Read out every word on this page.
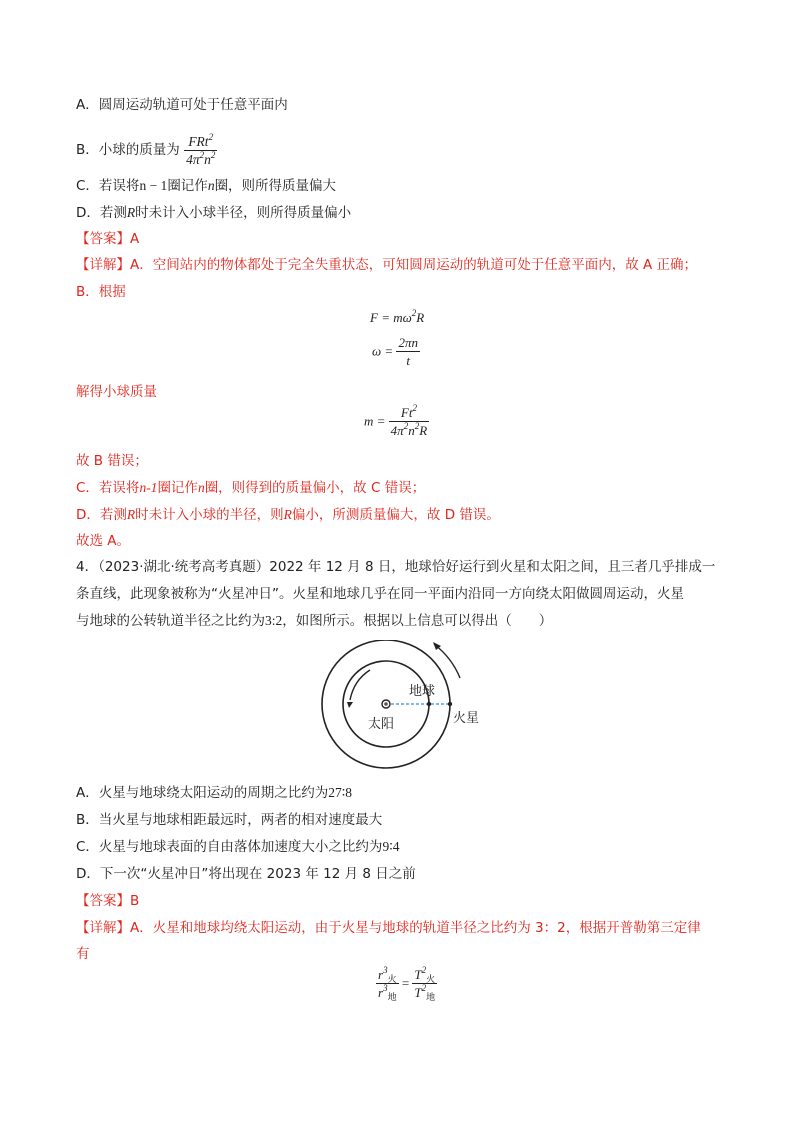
A．圆周运动轨道可处于任意平面内
B．小球的质量为 $\frac{FRt^2}{4\pi^2n^2}$
C．若误将n − 1圈记作n圈，则所得质量偏大
D．若测R时未计入小球半径，则所得质量偏小
【答案】A
【详解】A．空间站内的物体都处于完全失重状态，可知圆周运动的轨道可处于任意平面内，故 A 正确；
B．根据
$F = m\omega^2R$
$\omega = \frac{2\pi n}{t}$
解得小球质量
$m = \frac{Ft^2}{4\pi^2n^2R}$
故 B 错误；
C．若误将n-1圈记作n圈，则得到的质量偏小，故 C 错误；
D．若测R时未计入小球的半径，则R偏小，所测质量偏大，故 D 错误。
故选 A。
4．（2023·湖北·统考高考真题）2022 年 12 月 8 日，地球恰好运行到火星和太阳之间，且三者几乎排成一
条直线，此现象被称为“火星冲日”。火星和地球几乎在同一平面内沿同一方向绕太阳做圆周运动，火星
与地球的公转轨道半径之比约为3:2，如图所示。根据以上信息可以得出（　　）
太阳
地球
火星
A．火星与地球绕太阳运动的周期之比约为27∶8
B．当火星与地球相距最远时，两者的相对速度最大
C．火星与地球表面的自由落体加速度大小之比约为9∶4
D．下一次“火星冲日”将出现在 2023 年 12 月 8 日之前
【答案】B
【详解】A．火星和地球均绕太阳运动，由于火星与地球的轨道半径之比约为 3：2，根据开普勒第三定律
有
$\frac{r^3_火}{r^3_地} = \frac{T^2_火}{T^2_地}$
